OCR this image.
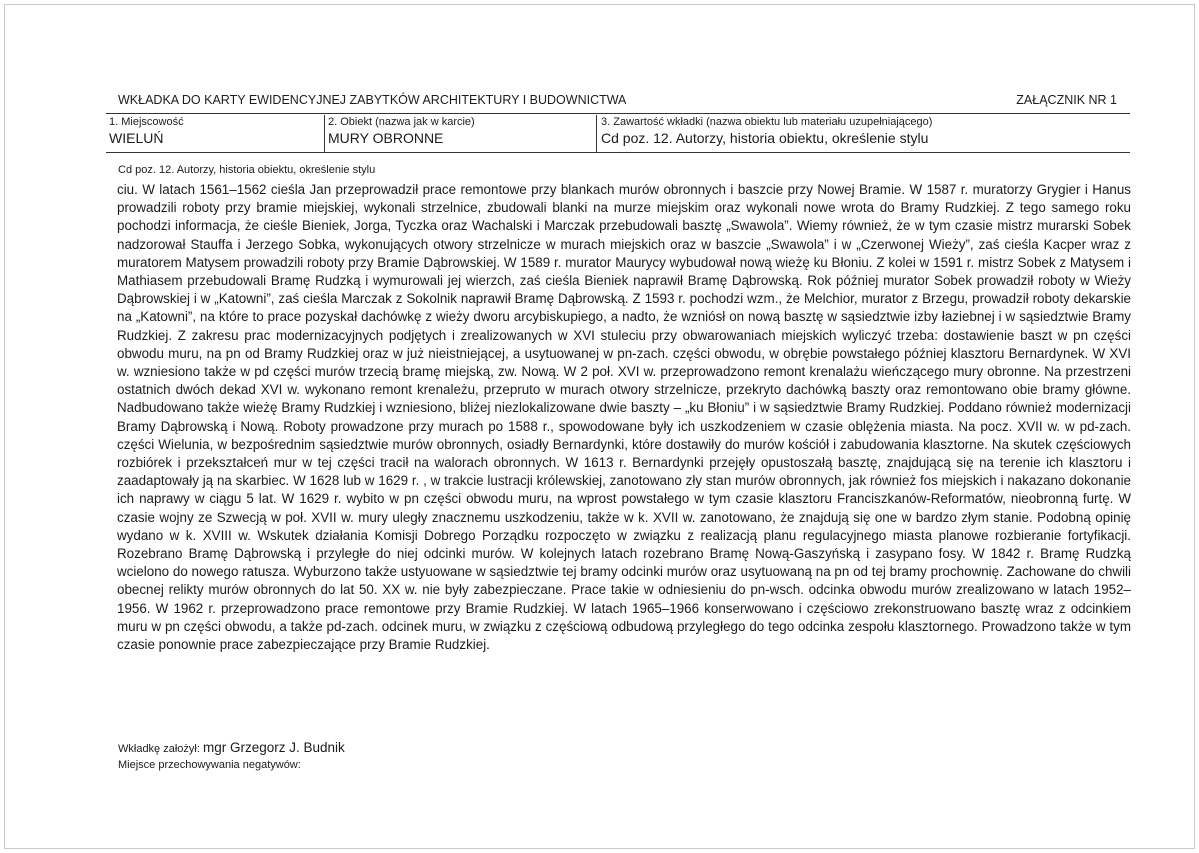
WKŁADKA DO KARTY EWIDENCYJNEJ ZABYTKÓW ARCHITEKTURY I BUDOWNICTWA	ZAŁĄCZNIK NR 1
1. Miejscowość
WIELUŃ
2. Obiekt (nazwa jak w karcie)
MURY OBRONNE
3. Zawartość wkładki (nazwa obiektu lub materiału uzupełniającego)
Cd poz. 12. Autorzy, historia obiektu, określenie stylu
Cd poz. 12. Autorzy, historia obiektu, określenie stylu

ciu. W latach 1561–1562 cieśla Jan przeprowadził prace remontowe przy blankach murów obronnych i baszcie przy Nowej Bramie. W 1587 r. muratorzy Grygier i Hanus prowadzili roboty przy bramie miejskiej, wykonali strzelnice, zbudowali blanki na murze miejskim oraz wykonali nowe wrota do Bramy Rudzkiej. Z tego samego roku pochodzi informacja, że cieśle Bieniek, Jorga, Tyczka oraz Wachalski i Marczak przebudowali basztę „Swawola”. Wiemy również, że w tym czasie mistrz murarski Sobek nadzorował Stauffa i Jerzego Sobka, wykonujących otwory strzelnicze w murach miejskich oraz w baszcie „Swawola” i w „Czerwonej Wieży”, zaś cieśla Kacper wraz z muratorem Matysem prowadzili roboty przy Bramie Dąbrowskiej. W 1589 r. murator Maurycy wybudował nową wieżę ku Błoniu. Z kolei w 1591 r. mistrz Sobek z Matysem i Mathiasem przebudowali Bramę Rudzką i wymurowali jej wierzch, zaś cieśla Bieniek naprawił Bramę Dąbrowską. Rok później murator Sobek prowadził roboty w Wieży Dąbrowskiej i w „Katowni”, zaś cieśla Marczak z Sokolnik naprawił Bramę Dąbrowską. Z 1593 r. pochodzi wzm., że Melchior, murator z Brzegu, prowadził roboty dekarskie na „Katowni”, na które to prace pozyskał dachówkę z wieży dworu arcybiskupiego, a nadto, że wzniósł on nową basztę w sąsiedztwie izby łaziebnej i w sąsiedztwie Bramy Rudzkiej. Z zakresu prac modernizacyjnych podjętych i zrealizowanych w XVI stuleciu przy obwarowaniach miejskich wyliczyć trzeba: dostawienie baszt w pn części obwodu muru, na pn od Bramy Rudzkiej oraz w już nieistniejącej, a usytuowanej w pn-zach. części obwodu, w obrębie powstałego później klasztoru Bernardynek. W XVI w. wzniesiono także w pd części murów trzecią bramę miejską, zw. Nową. W 2 poł. XVI w. przeprowadzono remont krenalażu wieńczącego mury obronne. Na przestrzeni ostatnich dwóch dekad XVI w. wykonano remont krenależu, przepruto w murach otwory strzelnicze, przekryto dachówką baszty oraz remontowano obie bramy główne. Nadbudowano także wieżę Bramy Rudzkiej i wzniesiono, bliżej niezlokalizowane dwie baszty – „ku Błoniu” i w sąsiedztwie Bramy Rudzkiej. Poddano również modernizacji Bramy Dąbrowską i Nową. Roboty prowadzone przy murach po 1588 r., spowodowane były ich uszkodzeniem w czasie oblężenia miasta. Na pocz. XVII w. w pd-zach. części Wielunia, w bezpośrednim sąsiedztwie murów obronnych, osiadły Bernardynki, które dostawiły do murów kościół i zabudowania klasztorne. Na skutek częściowych rozbiórek i przekształceń mur w tej części tracił na walorach obronnych. W 1613 r. Bernardynki przejęły opustoszałą basztę, znajdującą się na terenie ich klasztoru i zaadaptowały ją na skarbiec. W 1628 lub w 1629 r. , w trakcie lustracji królewskiej, zanotowano zły stan murów obronnych, jak również fos miejskich i nakazano dokonanie ich naprawy w ciągu 5 lat. W 1629 r. wybito w pn części obwodu muru, na wprost powstałego w tym czasie klasztoru Franciszkanów-Reformatów, nieobronną furtę. W czasie wojny ze Szwecją w poł. XVII w. mury uległy znacznemu uszkodzeniu, także w k. XVII w. zanotowano, że znajdują się one w bardzo złym stanie. Podobną opinię wydano w k. XVIII w. Wskutek działania Komisji Dobrego Porządku rozpoczęto w związku z realizacją planu regulacyjnego miasta planowe rozbieranie fortyfikacji. Rozebrano Bramę Dąbrowską i przyległe do niej odcinki murów. W kolejnych latach rozebrano Bramę Nową-Gaszyńską i zasypano fosy. W 1842 r. Bramę Rudzką wcielono do nowego ratusza. Wyburzono także ustyuowane w sąsiedztwie tej bramy odcinki murów oraz usytuowaną na pn od tej bramy prochownię. Zachowane do chwili obecnej relikty murów obronnych do lat 50. XX w. nie były zabezpieczane. Prace takie w odniesieniu do pn-wsch. odcinka obwodu murów zrealizowano w latach 1952–1956. W 1962 r. przeprowadzono prace remontowe przy Bramie Rudzkiej. W latach 1965–1966 konserwowano i częściowo zrekonstruowano basztę wraz z odcinkiem muru w pn części obwodu, a także pd-zach. odcinek muru, w związku z częściową odbudową przyległego do tego odcinka zespołu klasztornego. Prowadzono także w tym czasie ponownie prace zabezpieczające przy Bramie Rudzkiej.

Wkładkę założył: mgr Grzegorz J. Budnik
Miejsce przechowywania negatywów:
